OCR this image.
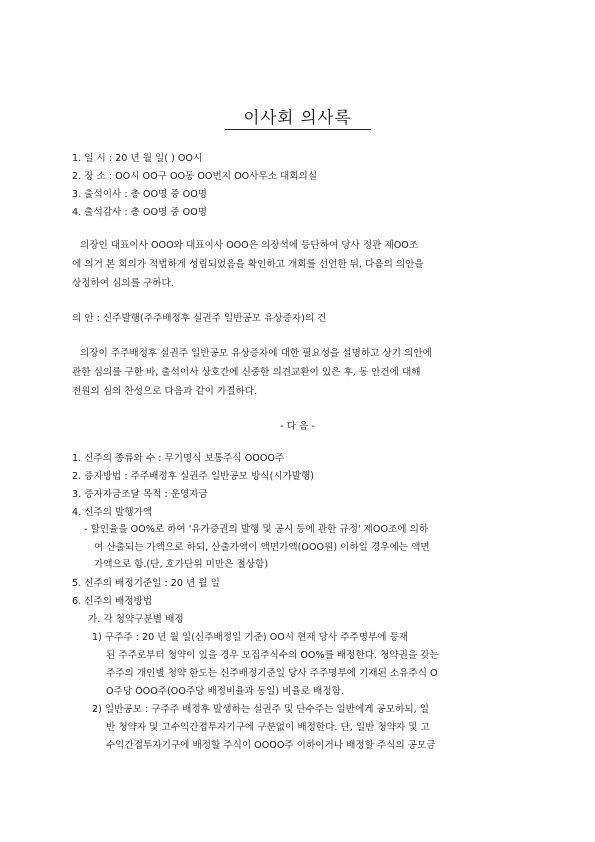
이사회 의사록
1. 일 시 : 20 년 월 일( ) OO시
2. 장 소 : OO시 OO구 OO동 OO번지 OO사무소 대회의실
3. 출석이사 : 총 OO명 중 OO명
4. 출석감사 : 총 OO명 중 OO명
의장인 대표이사 OOO와 대표이사 OOO은 의장석에 등단하여 당사 정관 제OO조
에 의거 본 회의가 적법하게 성립되었음을 확인하고 개회를 선언한 뒤, 다음의 의안을
상정하여 심의를 구하다.
의 안 : 신주발행(주주배정후 실권주 일반공모 유상증자)의 건
의장이 주주배정후 실권주 일반공모 유상증자에 대한 필요성을 설명하고 상기 의안에
관한 심의를 구한 바, 출석이사 상호간에 신중한 의견교환이 있은 후, 동 안건에 대해
전원의 심의 찬성으로 다음과 같이 가결하다.
- 다 음 -
1. 신주의 종류와 수 : 무기명식 보통주식 OOOO주
2. 증자방법 : 주주배정후 실권주 일반공모 방식(시가발행)
3. 증자자금조달 목적 : 운영자금
4. 신주의 발행가액
- 할인율을 OO%로 하여 '유가증권의 발행 및 공시 등에 관한 규정' 제OO조에 의하
여 산출되는 가액으로 하되, 산출가액이 액면가액(OOO원) 이하일 경우에는 액면
가액으로 함.(단, 호가단위 미만은 절상함)
5. 신주의 배정기준일 : 20 년 월 일
6. 신주의 배정방법
가. 각 청약구분별 배정
1) 구주주 : 20 년 월 일(신주배정일 기준) OO시 현재 당사 주주명부에 등재
된 주주로부터 청약이 있을 경우 모집주식수의 OO%를 배정한다. 청약권을 갖는
주주의 개인별 청약 한도는 신주배정기준일 당사 주주명부에 기재된 소유주식 O
O주당 OOO주(OO주당 배정비율과 동일) 비율로 배정함.
2) 일반공모 : 구주주 배정후 발생하는 실권주 및 단수주는 일반에게 공모하되, 일
반 청약자 및 고수익간접투자기구에 구분없이 배정한다. 단, 일반 청약자 및 고
수익간접투자기구에 배정할 주식이 OOOO주 이하이거나 배정할 주식의 공모금
